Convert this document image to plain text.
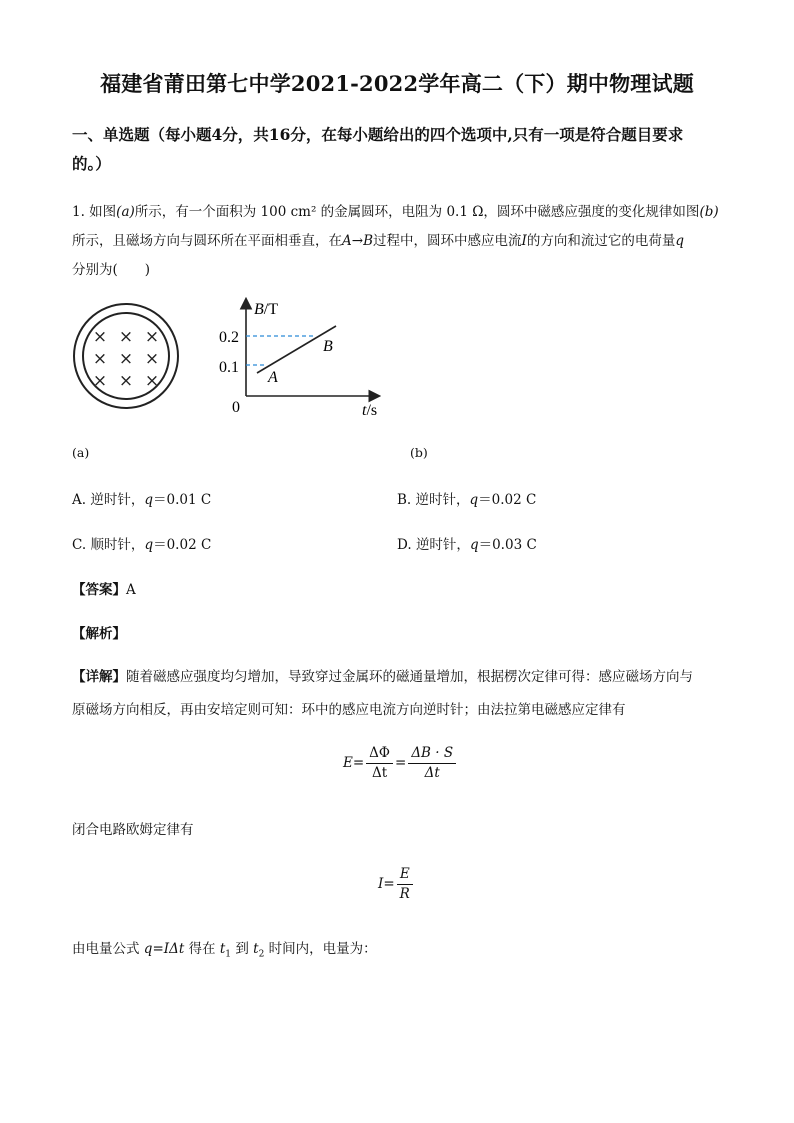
福建省莆田第七中学2021-2022学年高二（下）期中物理试题
一、单选题（每小题4分，共16分，在每小题给出的四个选项中,只有一项是符合题目要求
的。）
1. 如图(a)所示，有一个面积为 100 cm² 的金属圆环，电阻为 0.1 Ω，圆环中磁感应强度的变化规律如图(b)
所示，且磁场方向与圆环所在平面相垂直，在A→B过程中，圆环中感应电流I的方向和流过它的电荷量q
分别为(　　)
× × ×
× × ×
× × ×
B/T
t/s
0
0.2
0.1
A
B
(a)	(b)
A. 逆时针，q＝0.01 C	B. 逆时针，q＝0.02 C
C. 顺时针，q＝0.02 C	D. 逆时针，q＝0.03 C
【答案】A
【解析】
【详解】随着磁感应强度均匀增加，导致穿过金属环的磁通量增加，根据楞次定律可得：感应磁场方向与
原磁场方向相反，再由安培定则可知：环中的感应电流方向逆时针；由法拉第电磁感应定律有
$E= \frac{\Delta\Phi}{\Delta t} = \frac{\Delta B \cdot S}{\Delta t}$
闭合电路欧姆定律有
$I= \frac{E}{R}$
由电量公式 q=IΔt 得在 $t_1$ 到 $t_2$ 时间内，电量为：
